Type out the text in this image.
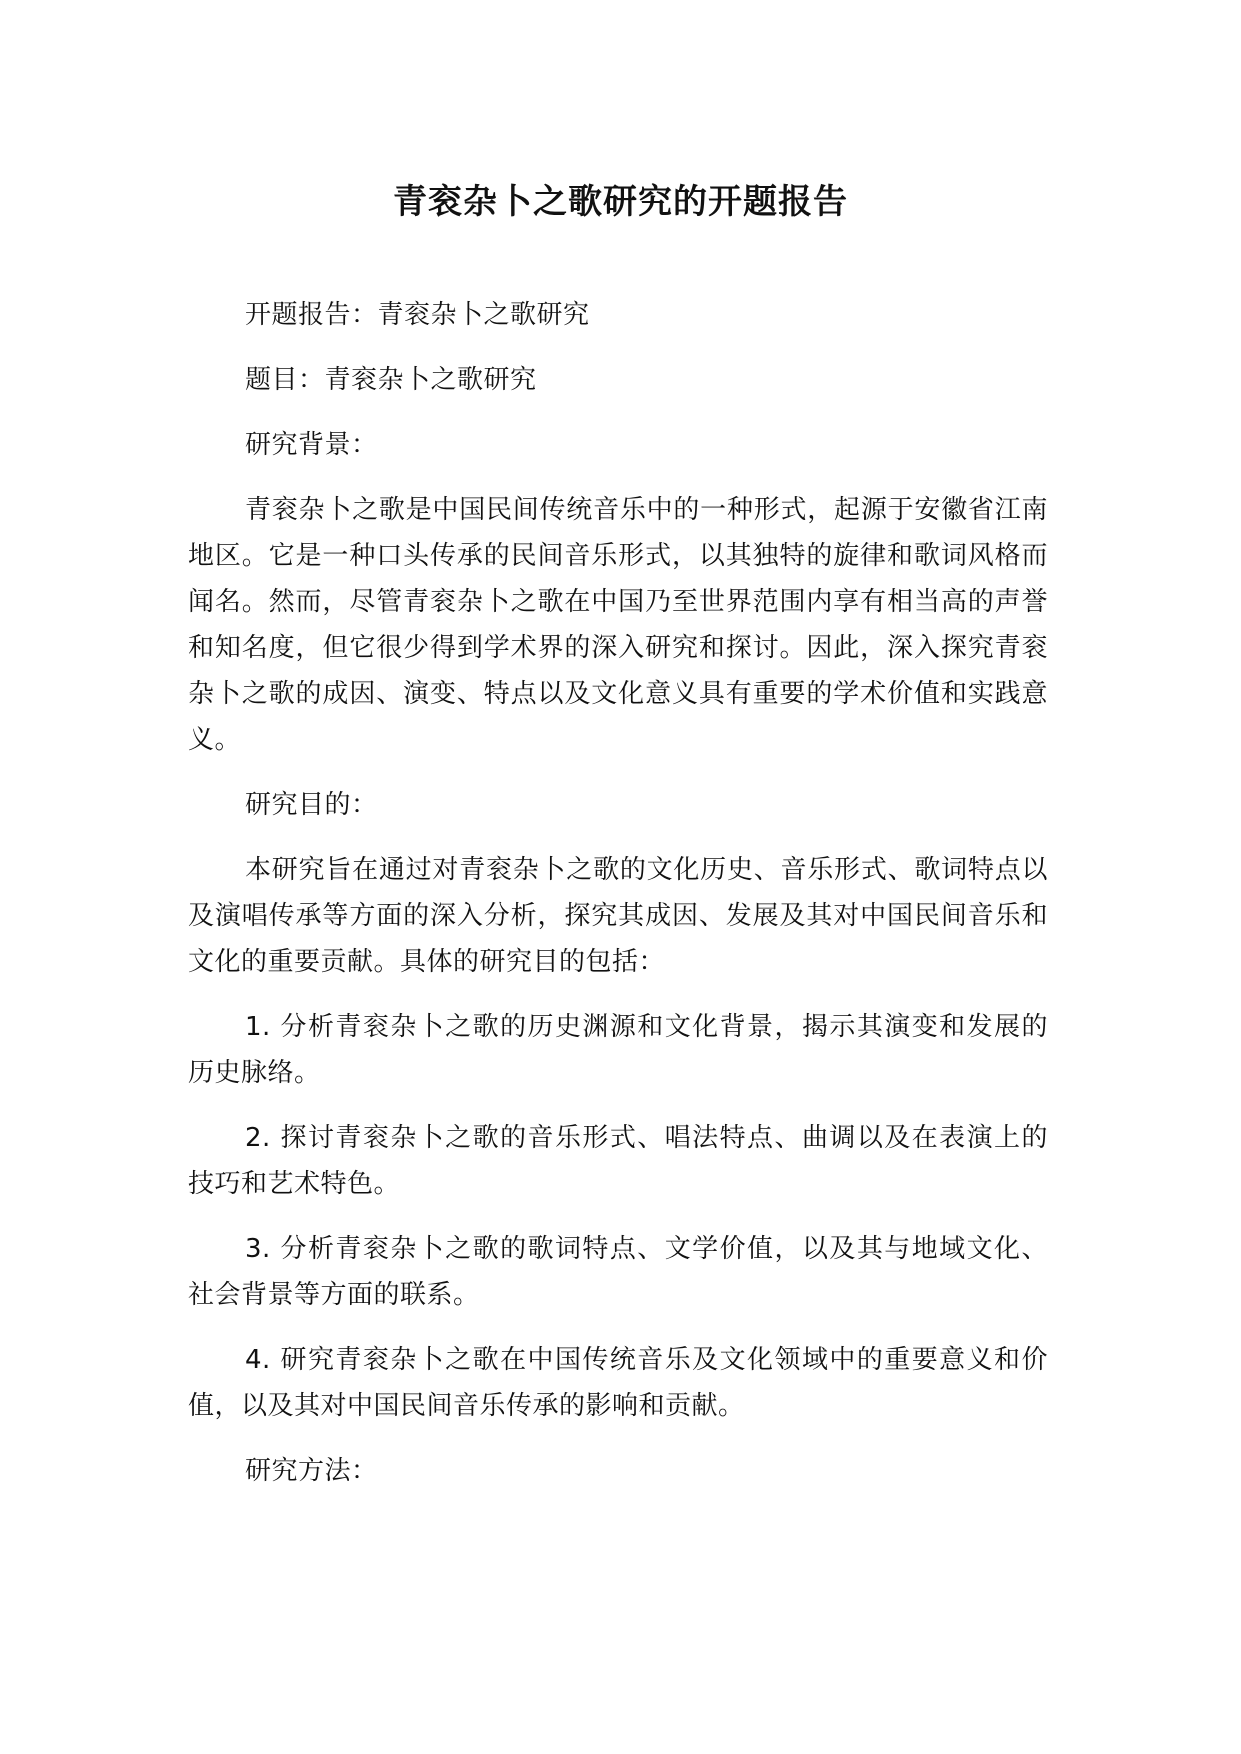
青衮杂卜之歌研究的开题报告

开题报告：青衮杂卜之歌研究

题目：青衮杂卜之歌研究

研究背景：

青衮杂卜之歌是中国民间传统音乐中的一种形式，起源于安徽省江南地区。它是一种口头传承的民间音乐形式，以其独特的旋律和歌词风格而闻名。然而，尽管青衮杂卜之歌在中国乃至世界范围内享有相当高的声誉和知名度，但它很少得到学术界的深入研究和探讨。因此，深入探究青衮杂卜之歌的成因、演变、特点以及文化意义具有重要的学术价值和实践意义。

研究目的：

本研究旨在通过对青衮杂卜之歌的文化历史、音乐形式、歌词特点以及演唱传承等方面的深入分析，探究其成因、发展及其对中国民间音乐和文化的重要贡献。具体的研究目的包括：

1. 分析青衮杂卜之歌的历史渊源和文化背景，揭示其演变和发展的历史脉络。

2. 探讨青衮杂卜之歌的音乐形式、唱法特点、曲调以及在表演上的技巧和艺术特色。

3. 分析青衮杂卜之歌的歌词特点、文学价值，以及其与地域文化、社会背景等方面的联系。

4. 研究青衮杂卜之歌在中国传统音乐及文化领域中的重要意义和价值，以及其对中国民间音乐传承的影响和贡献。

研究方法：
